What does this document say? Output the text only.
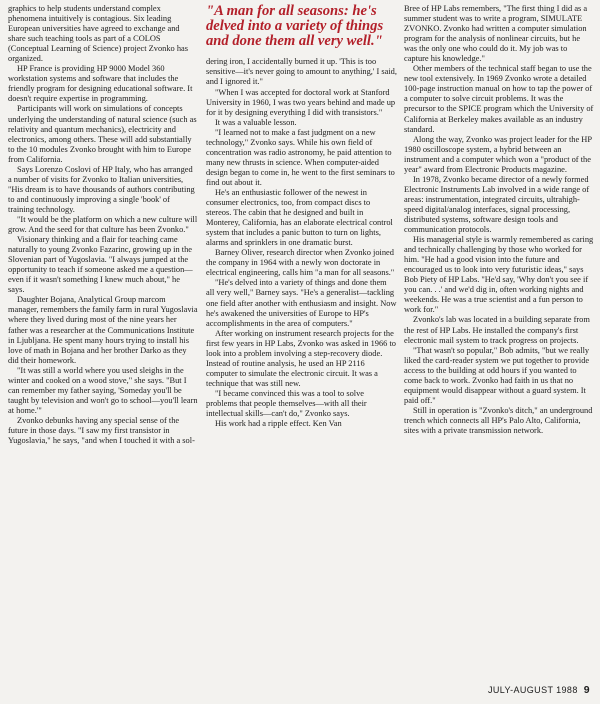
graphics to help students understand complex phenomena intuitively is contagious. Six leading European universities have agreed to exchange and share such teaching tools as part of a COLOS (Conceptual Learning of Science) project Zvonko has organized.

HP France is providing HP 9000 Model 360 workstation systems and software that includes the friendly program for designing educational software. It doesn't require expertise in programming.

Participants will work on simulations of concepts underlying the understanding of natural science (such as relativity and quantum mechanics), electricity and electronics, among others. These will add substantially to the 10 modules Zvonko brought with him to Europe from California.

Says Lorenzo Coslovi of HP Italy, who has arranged a number of visits for Zvonko to Italian universities, "His dream is to have thousands of authors contributing to and continuously improving a single 'book' of training technology.

"It would be the platform on which a new culture will grow. And the seed for that culture has been Zvonko."

Visionary thinking and a flair for teaching came naturally to young Zvonko Fazarinc, growing up in the Slovenian part of Yugoslavia. "I always jumped at the opportunity to teach if someone asked me a question—even if it wasn't something I knew much about," he says.

Daughter Bojana, Analytical Group marcom manager, remembers the family farm in rural Yugoslavia where they lived during most of the nine years her father was a researcher at the Communications Institute in Ljubljana. He spent many hours trying to install his love of math in Bojana and her brother Darko as they did their homework.

"It was still a world where you used sleighs in the winter and cooked on a wood stove," she says. "But I can remember my father saying, 'Someday you'll be taught by television and won't go to school—you'll learn at home.'"

Zvonko debunks having any special sense of the future in those days. "I saw my first transistor in Yugoslavia," he says, "and when I touched it with a sol-

"A man for all seasons: he's delved into a variety of things and done them all very well."

dering iron, I accidentally burned it up. 'This is too sensitive—it's never going to amount to anything,' I said, and I ignored it."

"When I was accepted for doctoral work at Stanford University in 1960, I was two years behind and made up for it by designing everything I did with transistors."

It was a valuable lesson.

"I learned not to make a fast judgment on a new technology," Zvonko says. While his own field of concentration was radio astronomy, he paid attention to many new thrusts in science. When computer-aided design began to come in, he went to the first seminars to find out about it.

He's an enthusiastic follower of the newest in consumer electronics, too, from compact discs to stereos. The cabin that he designed and built in Monterey, California, has an elaborate electrical control system that includes a panic button to turn on lights, alarms and sprinklers in one dramatic burst.

Barney Oliver, research director when Zvonko joined the company in 1964 with a newly won doctorate in electrical engineering, calls him "a man for all seasons."

"He's delved into a variety of things and done them all very well," Barney says. "He's a generalist—tackling one field after another with enthusiasm and insight. Now he's awakened the universities of Europe to HP's accomplishments in the area of computers."

After working on instrument research projects for the first few years in HP Labs, Zvonko was asked in 1966 to look into a problem involving a step-recovery diode. Instead of routine analysis, he used an HP 2116 computer to simulate the electronic circuit. It was a technique that was still new.

"I became convinced this was a tool to solve problems that people themselves—with all their intellectual skills—can't do," Zvonko says.

His work had a ripple effect. Ken Van

Bree of HP Labs remembers, "The first thing I did as a summer student was to write a program, SIMULATE ZVONKO. Zvonko had written a computer simulation program for the analysis of nonlinear circuits, but he was the only one who could do it. My job was to capture his knowledge."

Other members of the technical staff began to use the new tool extensively. In 1969 Zvonko wrote a detailed 100-page instruction manual on how to tap the power of a computer to solve circuit problems. It was the precursor to the SPICE program which the University of California at Berkeley makes available as an industry standard.

Along the way, Zvonko was project leader for the HP 1980 oscilloscope system, a hybrid between an instrument and a computer which won a "product of the year" award from Electronic Products magazine.

In 1978, Zvonko became director of a newly formed Electronic Instruments Lab involved in a wide range of areas: instrumentation, integrated circuits, ultrahigh-speed digital/analog interfaces, signal processing, distributed systems, software design tools and communication protocols.

His managerial style is warmly remembered as caring and technically challenging by those who worked for him. "He had a good vision into the future and encouraged us to look into very futuristic ideas," says Bob Piety of HP Labs. "He'd say, 'Why don't you see if you can. . .' and we'd dig in, often working nights and weekends. He was a true scientist and a fun person to work for."

Zvonko's lab was located in a building separate from the rest of HP Labs. He installed the company's first electronic mail system to track progress on projects.

"That wasn't so popular," Bob admits, "but we really liked the card-reader system we put together to provide access to the building at odd hours if you wanted to come back to work. Zvonko had faith in us that no equipment would disappear without a guard system. It paid off."

Still in operation is "Zvonko's ditch," an underground trench which connects all HP's Palo Alto, California, sites with a private transmission network.

JULY-AUGUST 1988 9
